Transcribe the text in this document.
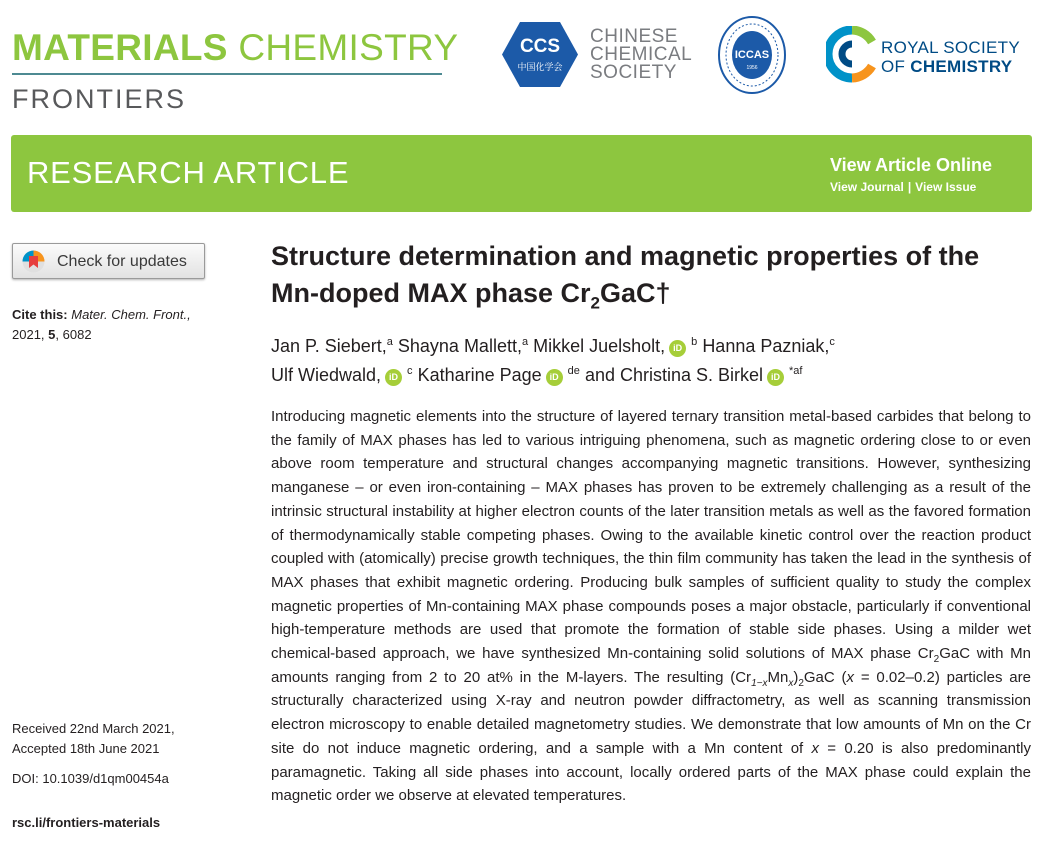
MATERIALS CHEMISTRY
FRONTIERS
CCS
中国化学会
CHINESE
CHEMICAL
SOCIETY
ICCAS
1956
ROYAL SOCIETY
OF CHEMISTRY
RESEARCH ARTICLE	View Article Online
View Journal | View Issue
Check for updates
Cite this: Mater. Chem. Front.,
2021, 5, 6082
Received 22nd March 2021,
Accepted 18th June 2021
DOI: 10.1039/d1qm00454a
rsc.li/frontiers-materials
Structure determination and magnetic properties of the Mn-doped MAX phase $Cr_2GaC\dagger$
Jan P. Siebert,$^a$ Shayna Mallett,$^a$ Mikkel Juelsholt, iD $^b$ Hanna Pazniak,$^c$
Ulf Wiedwald, iD $^c$ Katharine Page iD $^{de}$ and Christina S. Birkel iD $^{*af}$
Introducing magnetic elements into the structure of layered ternary transition metal-based carbides that belong to the family of MAX phases has led to various intriguing phenomena, such as magnetic ordering close to or even above room temperature and structural changes accompanying magnetic transitions. However, synthesizing manganese – or even iron-containing – MAX phases has proven to be extremely challenging as a result of the intrinsic structural instability at higher electron counts of the later transition metals as well as the favored formation of thermodynamically stable competing phases. Owing to the available kinetic control over the reaction product coupled with (atomically) precise growth techniques, the thin film community has taken the lead in the synthesis of MAX phases that exhibit magnetic ordering. Producing bulk samples of sufficient quality to study the complex magnetic properties of Mn-containing MAX phase compounds poses a major obstacle, particularly if conventional high-temperature methods are used that promote the formation of stable side phases. Using a milder wet chemical-based approach, we have synthesized Mn-containing solid solutions of MAX phase $Cr_2GaC$ with Mn amounts ranging from 2 to 20 at% in the M-layers. The resulting $(Cr_{1-x}Mn_x)_2GaC$ (x = 0.02–0.2) particles are structurally characterized using X-ray and neutron powder diffractometry, as well as scanning transmission electron microscopy to enable detailed magnetometry studies. We demonstrate that low amounts of Mn on the Cr site do not induce magnetic ordering, and a sample with a Mn content of x = 0.20 is also predominantly paramagnetic. Taking all side phases into account, locally ordered parts of the MAX phase could explain the magnetic order we observe at elevated temperatures.
